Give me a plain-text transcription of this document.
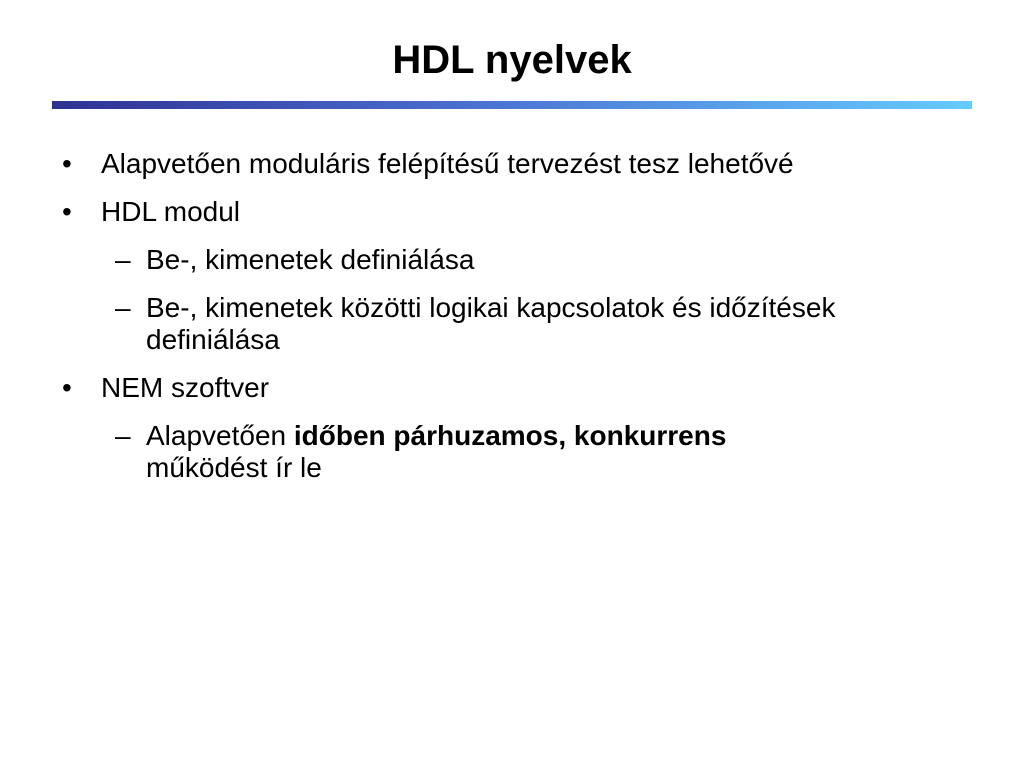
HDL nyelvek
• Alapvetően moduláris felépítésű tervezést tesz lehetővé
• HDL modul
– Be-, kimenetek definiálása
– Be-, kimenetek közötti logikai kapcsolatok és időzítések definiálása
• NEM szoftver
– Alapvetően időben párhuzamos, konkurrens működést ír le
